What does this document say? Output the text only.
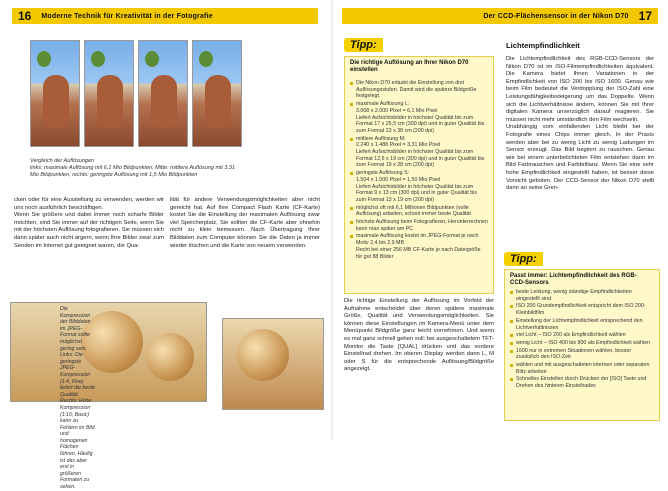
16 Moderne Technik für Kreativität in der Fotografie
Vergleich der Auflösungen
links: maximale Auflösung mit 6,1 Mio Bildpunkten, Mitte: mittlere Auflösung mit 3,31 Mio Bildpunkten, rechts: geringste Auflösung mit 1,5 Mio Bildpunkten
cken oder für eine Ausstellung zu verwenden, werden wir uns noch ausführlich beschäftigen.
Wenn Sie größere und dabei immer noch scharfe Bilder möchten, sind Sie immer auf der richtigen Seite, wenn Sie mit der höchsten Auflösung fotografieren. Sie müssen sich dann später auch nicht ärgern, wenn Ihre Bilder zwar zum Senden im Internet gut geeignet waren, die Qua-
lität für andere Verwendungsmöglichkeiten aber nicht gereicht hat. Auf Ihre Compact Flash Karte (CF-Karte) kostet Sie die Einstellung der maximalen Auflösung zwar viel Speicherplatz, Sie sollten die CF-Karte aber ohnehin nicht zu klein bemessen. Nach Übertragung Ihrer Bilddaten zum Computer können Sie die Daten ja immer wieder löschen und die Karte von neuem verwenden.
Die Kompression der Bilddaten im JPEG-Format sollte möglichst gering sein. Links: Die geringste JPEG-Kompression (1:4, Fine) liefert die beste Qualität. Rechts: Hohe Kompression (1:16; Basic) kann zu Fehlern im Bild und homogenen Flächen führen. Häufig ist das aber erst in größeren Formaten zu sehen.
Der CCD-Flächensensor in der Nikon D70 17
Tipp:
Die richtige Auflösung an Ihrer Nikon D70 einstellen
Die Nikon D70 erlaubt die Einstellung von drei Auflösungsstufen. Damit wird die spätere Bildgröße festgelegt.
maximale Auflösung L:
3.008 x 2.000 Pixel = 6,1 Mio Pixel
Liefert Aufsichtsbilder in höchster Qualität bis zum Format 17 x 25,5 cm (300 dpi) und in guter Qualität bis zum Format 23 x 38 cm (200 dpi)
mittlere Auflösung M:
2.240 x 1.488 Pixel = 3,31 Mio Pixel
Liefert Aufsichtsbilder in höchster Qualität bis zum Format 12,6 x 19 cm (300 dpi) und in guter Qualität bis zum Format 19 x 28 cm (200 dpi)
geringste Auflösung S:
1.504 x 1.000 Pixel = 1,50 Mio Pixel
Liefert Aufsichtsbilder in höchster Qualität bis zum Format 9 x 13 cm (300 dpi) und in guter Qualität bis zum Format 13 x 19 cm (200 dpi)
möglichst oft mit 6,1 Millionen Bildpunkten (volle Auflösung) arbeiten, schont immer beste Qualität
höchste Auflösung beim Fotografieren, Herunterrechnen kann man später am PC
maximale Auflösung kostet im JPEG-Format je nach Motiv 2,4 bis 2,9 MB
Recht bei einer 256 MB CF-Karte je nach Dateigröße für gut 88 Bilder
Die richtige Einstellung der Auflösung im Vorfeld der Aufnahme entscheidet über deren spätere maximale Größe, Qualität und Verwendungsmöglichkeiten. Sie können diese Einstellungen im Kamera-Menü unter dem Menüpunkt Bildgröße ganz leicht vornehmen. Und wenn es mal ganz schnell gehen soll: bei ausgeschaltetem TFT-Monitor die Taste [QUAL] drücken und das vordere Einstellrad drehen. Im oberen Display werden dann L, M oder S für die entsprechende Auflösung/Bildgröße angezeigt.
Lichtempfindlichkeit
Die Lichtempfindlichkeit des RGB-CCD-Sensors der Nikon D70 ist im ISO-Filmempfindlichkeiten äquivalent. Die Kamera bietet Ihnen Variationen in der Empfindlichkeit von ISO 200 bis ISO 1600. Genau wie beim Film bedeutet die Verdopplung der ISO-Zahl eine Leistungsfähigkeitssteigerung um das Doppelte. Wenn sich die Lichtverhältnisse ändern, können Sie mit Ihrer digitalen Kamera unverzüglich darauf reagieren. Sie müssen nicht mehr umständlich den Film wechseln.
Unabhängig vom einfallenden Licht bleibt bei der Fotografie eines Chips immer gleich. In der Praxis werden aber bei zu wenig Licht zu wenig Ladungen im Sensor erzeugt. Das Bild beginnt zu rauschen. Genau wie bei einem unterbelichteten Film entstehen dann im Bild Farbrauschen und Farbbrillanz. Wenn Sie eine sehr hohe Empfindlichkeit eingestellt haben, ist besser diese Vorsicht geboten. Der CCD-Sensor der Nikon D70 stellt dann an seine Gren-
Tipp:
Passt immer: Lichtempfindlichkeit des RGB-CCD-Sensors
beste Leistung, wenig ständige Empfindlichkeiten eingestellt sind
ISO 200 Grundempfindlichkeit entspricht dem ISO 200-Kleinbildfilm
Einstellung der Lichtempfindlichkeit entsprechend den Lichtverhältnissen
viel Licht – ISO 200 als Empfindlichkeit wählen
wenig Licht – ISO 400 bis 800 als Empfindlichkeit wählen
1600 nur in extremen Situationen wählen, besser zusätzlich den ISO-Zeit
wählen und mit ausgeschalteten internen oder separaten Blitz arbeiten
Schnelles Einstellen durch Drücken der [ISO] Taste und Drehen des hinteren Einstellrades
